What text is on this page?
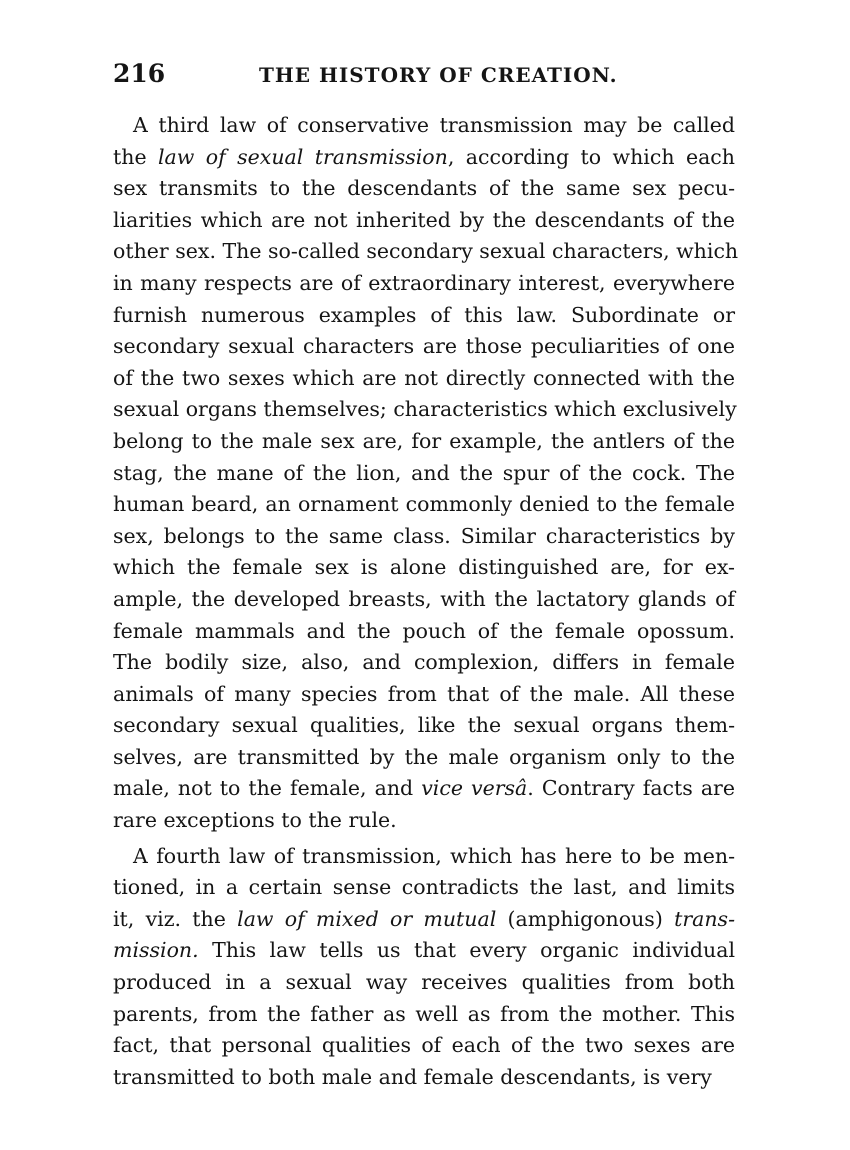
216	THE HISTORY OF CREATION.
A third law of conservative transmission may be called
the law of sexual transmission, according to which each
sex transmits to the descendants of the same sex pecu-
liarities which are not inherited by the descendants of the
other sex. The so-called secondary sexual characters, which
in many respects are of extraordinary interest, everywhere
furnish numerous examples of this law. Subordinate or
secondary sexual characters are those peculiarities of one
of the two sexes which are not directly connected with the
sexual organs themselves; characteristics which exclusively
belong to the male sex are, for example, the antlers of the
stag, the mane of the lion, and the spur of the cock. The
human beard, an ornament commonly denied to the female
sex, belongs to the same class. Similar characteristics by
which the female sex is alone distinguished are, for ex-
ample, the developed breasts, with the lactatory glands of
female mammals and the pouch of the female opossum.
The bodily size, also, and complexion, differs in female
animals of many species from that of the male. All these
secondary sexual qualities, like the sexual organs them-
selves, are transmitted by the male organism only to the
male, not to the female, and vice versâ. Contrary facts are
rare exceptions to the rule.
A fourth law of transmission, which has here to be men-
tioned, in a certain sense contradicts the last, and limits
it, viz. the law of mixed or mutual (amphigonous) trans-
mission. This law tells us that every organic individual
produced in a sexual way receives qualities from both
parents, from the father as well as from the mother. This
fact, that personal qualities of each of the two sexes are
transmitted to both male and female descendants, is very
